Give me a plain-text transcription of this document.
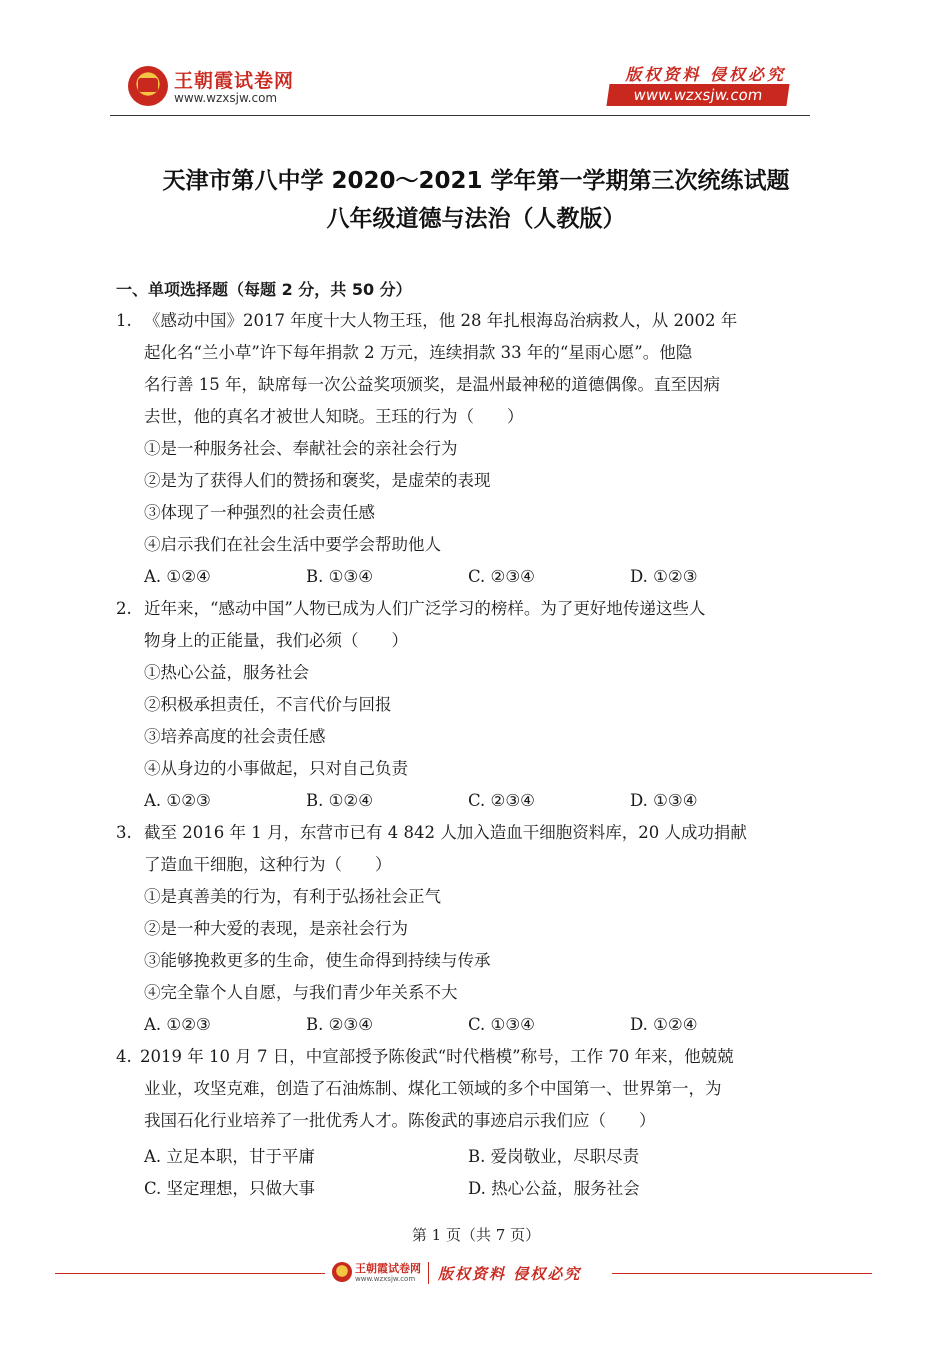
王朝霞试卷网
www.wzxsjw.com
版权资料 侵权必究
www.wzxsjw.com
天津市第八中学 2020～2021 学年第一学期第三次统练试题
八年级道德与法治（人教版）
一、单项选择题（每题 2 分，共 50 分）
1. 《感动中国》2017 年度十大人物王珏，他 28 年扎根海岛治病救人，从 2002 年
起化名“兰小草”许下每年捐款 2 万元，连续捐款 33 年的“星雨心愿”。他隐
名行善 15 年，缺席每一次公益奖项颁奖，是温州最神秘的道德偶像。直至因病
去世，他的真名才被世人知晓。王珏的行为（　　）
①是一种服务社会、奉献社会的亲社会行为
②是为了获得人们的赞扬和褒奖，是虚荣的表现
③体现了一种强烈的社会责任感
④启示我们在社会生活中要学会帮助他人
A. ①②④	B. ①③④	C. ②③④	D. ①②③
2. 近年来，“感动中国”人物已成为人们广泛学习的榜样。为了更好地传递这些人
物身上的正能量，我们必须（　　）
①热心公益，服务社会
②积极承担责任，不言代价与回报
③培养高度的社会责任感
④从身边的小事做起，只对自己负责
A. ①②③	B. ①②④	C. ②③④	D. ①③④
3. 截至 2016 年 1 月，东营市已有 4 842 人加入造血干细胞资料库，20 人成功捐献
了造血干细胞，这种行为（　　）
①是真善美的行为，有利于弘扬社会正气
②是一种大爱的表现，是亲社会行为
③能够挽救更多的生命，使生命得到持续与传承
④完全靠个人自愿，与我们青少年关系不大
A. ①②③	B. ②③④	C. ①③④	D. ①②④
4. 2019 年 10 月 7 日，中宣部授予陈俊武“时代楷模”称号，工作 70 年来，他兢兢
业业，攻坚克难，创造了石油炼制、煤化工领域的多个中国第一、世界第一，为
我国石化行业培养了一批优秀人才。陈俊武的事迹启示我们应（　　）
A. 立足本职，甘于平庸	B. 爱岗敬业，尽职尽责
C. 坚定理想，只做大事	D. 热心公益，服务社会
第 1 页（共 7 页）
王朝霞试卷网
www.wzxsjw.com 版权资料 侵权必究
